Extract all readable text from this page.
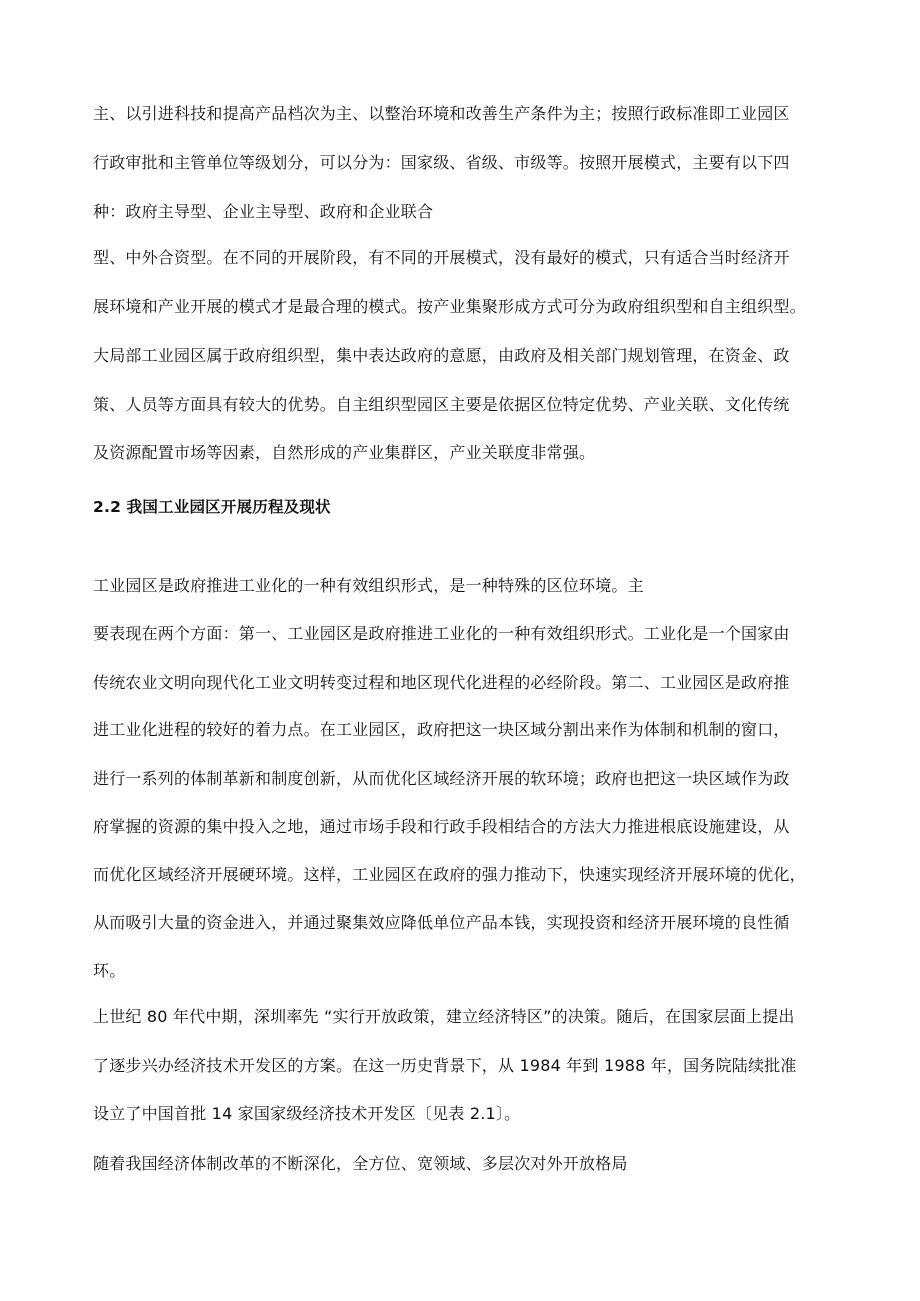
主、以引进科技和提高产品档次为主、以整治环境和改善生产条件为主；按照行政标准即工业园区
行政审批和主管单位等级划分，可以分为：国家级、省级、市级等。按照开展模式，主要有以下四
种：政府主导型、企业主导型、政府和企业联合
型、中外合资型。在不同的开展阶段，有不同的开展模式，没有最好的模式，只有适合当时经济开
展环境和产业开展的模式才是最合理的模式。按产业集聚形成方式可分为政府组织型和自主组织型。
大局部工业园区属于政府组织型，集中表达政府的意愿，由政府及相关部门规划管理，在资金、政
策、人员等方面具有较大的优势。自主组织型园区主要是依据区位特定优势、产业关联、文化传统
及资源配置市场等因素，自然形成的产业集群区，产业关联度非常强。
2.2 我国工业园区开展历程及现状
工业园区是政府推进工业化的一种有效组织形式，是一种特殊的区位环境。主
要表现在两个方面：第一、工业园区是政府推进工业化的一种有效组织形式。工业化是一个国家由
传统农业文明向现代化工业文明转变过程和地区现代化进程的必经阶段。第二、工业园区是政府推
进工业化进程的较好的着力点。在工业园区，政府把这一块区域分割出来作为体制和机制的窗口，
进行一系列的体制革新和制度创新，从而优化区域经济开展的软环境；政府也把这一块区域作为政
府掌握的资源的集中投入之地，通过市场手段和行政手段相结合的方法大力推进根底设施建设，从
而优化区域经济开展硬环境。这样，工业园区在政府的强力推动下，快速实现经济开展环境的优化，
从而吸引大量的资金进入，并通过聚集效应降低单位产品本钱，实现投资和经济开展环境的良性循
环。
上世纪 80 年代中期，深圳率先 “实行开放政策，建立经济特区”的决策。随后，在国家层面上提出
了逐步兴办经济技术开发区的方案。在这一历史背景下，从 1984 年到 1988 年，国务院陆续批准
设立了中国首批 14 家国家级经济技术开发区〔见表 2.1〕。
随着我国经济体制改革的不断深化，全方位、宽领域、多层次对外开放格局
